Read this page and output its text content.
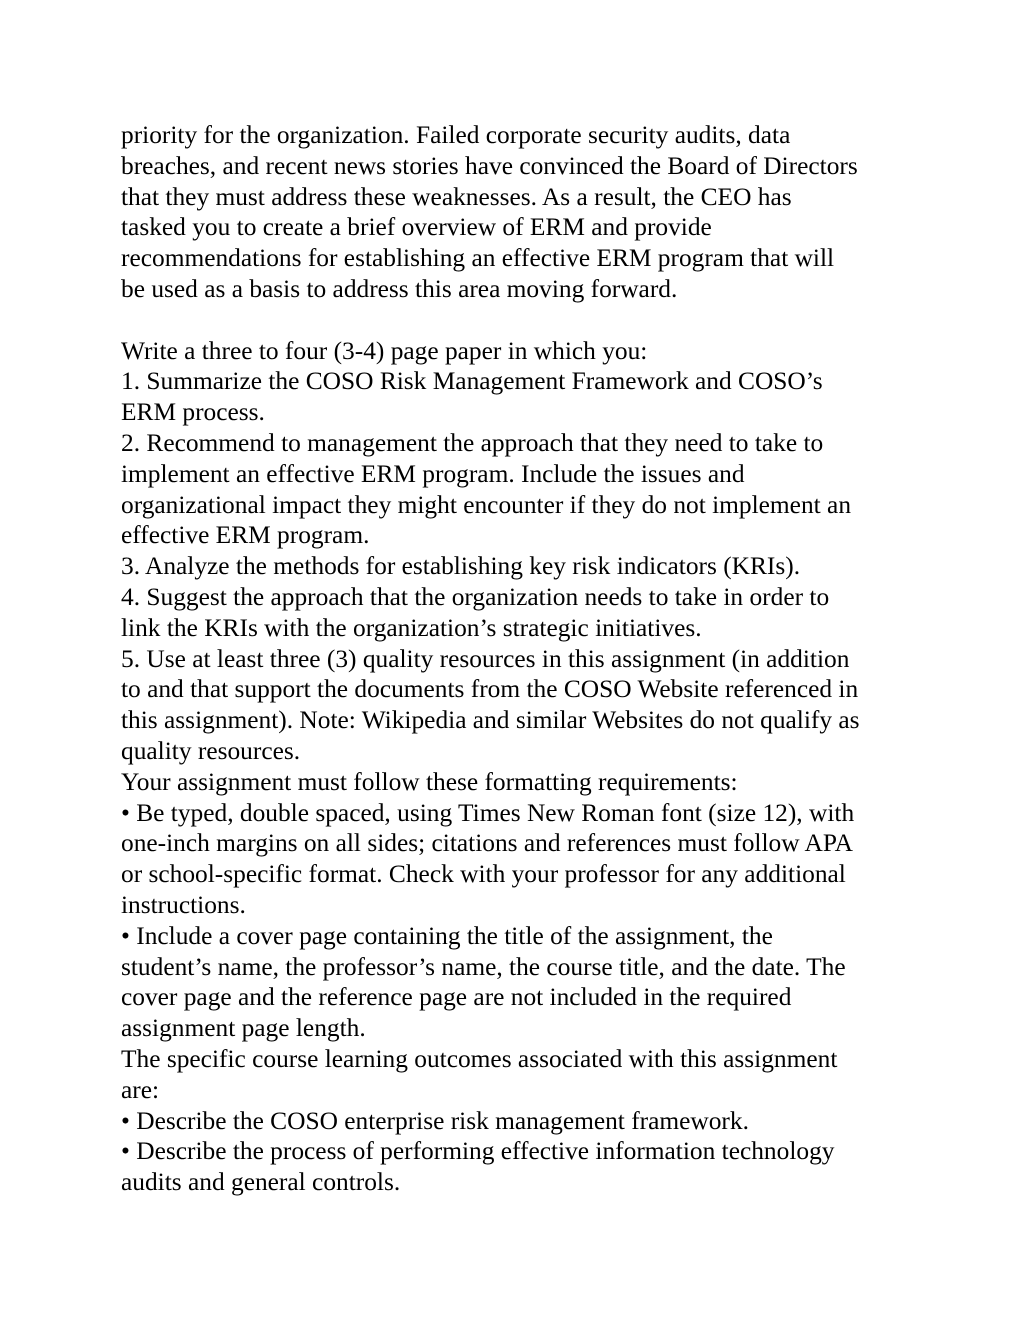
priority for the organization. Failed corporate security audits, data
breaches, and recent news stories have convinced the Board of Directors
that they must address these weaknesses. As a result, the CEO has
tasked you to create a brief overview of ERM and provide
recommendations for establishing an effective ERM program that will
be used as a basis to address this area moving forward.
Write a three to four (3-4) page paper in which you:
1. Summarize the COSO Risk Management Framework and COSO’s
ERM process.
2. Recommend to management the approach that they need to take to
implement an effective ERM program. Include the issues and
organizational impact they might encounter if they do not implement an
effective ERM program.
3. Analyze the methods for establishing key risk indicators (KRIs).
4. Suggest the approach that the organization needs to take in order to
link the KRIs with the organization’s strategic initiatives.
5. Use at least three (3) quality resources in this assignment (in addition
to and that support the documents from the COSO Website referenced in
this assignment). Note: Wikipedia and similar Websites do not qualify as
quality resources.
Your assignment must follow these formatting requirements:
• Be typed, double spaced, using Times New Roman font (size 12), with
one-inch margins on all sides; citations and references must follow APA
or school-specific format. Check with your professor for any additional
instructions.
• Include a cover page containing the title of the assignment, the
student’s name, the professor’s name, the course title, and the date. The
cover page and the reference page are not included in the required
assignment page length.
The specific course learning outcomes associated with this assignment
are:
• Describe the COSO enterprise risk management framework.
• Describe the process of performing effective information technology
audits and general controls.
